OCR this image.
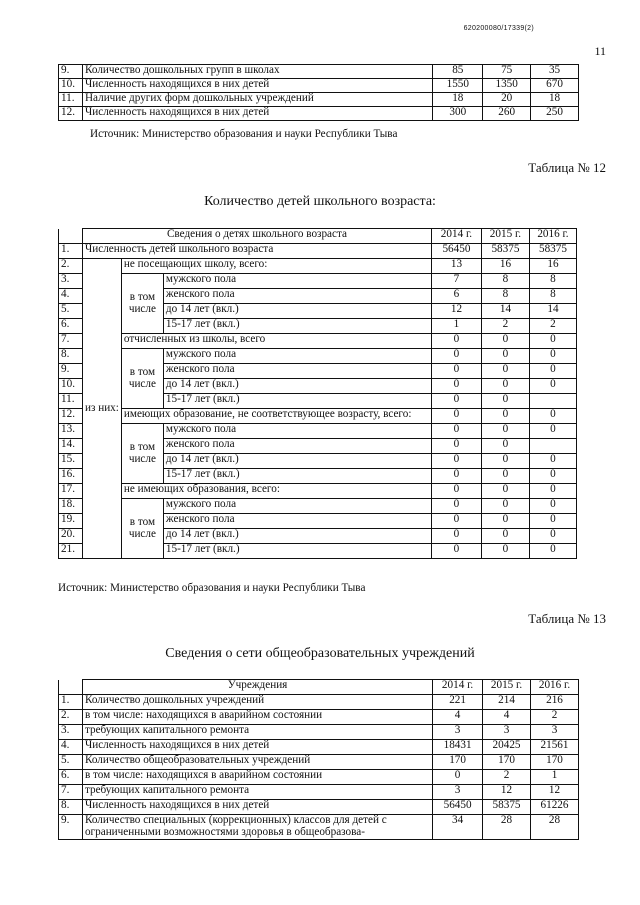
620200080/17339(2)
11
9.	Количество дошкольных групп в школах	85	75	35
10.	Численность находящихся в них детей	1550	1350	670
11.	Наличие других форм дошкольных учреждений	18	20	18
12.	Численность находящихся в них детей	300	260	250
Источник: Министерство образования и науки Республики Тыва
Таблица № 12
Количество детей школьного возраста:
	Сведения о детях школьного возраста			2014 г.	2015 г.	2016 г.
1.	Численность детей школьного возраста			56450	58375	58375
2.	из них:	не посещающих школу, всего:		13	16	16
3.		в том числе	мужского пола	7	8	8
4.			женского пола	6	8	8
5.			до 14 лет (вкл.)	12	14	14
6.			15-17 лет (вкл.)	1	2	2
7.		отчисленных из школы, всего		0	0	0
8.		в том числе	мужского пола	0	0	0
9.			женского пола	0	0	0
10.			до 14 лет (вкл.)	0	0	0
11.			15-17 лет (вкл.)	0	0	
12.		имеющих образование, не соответствующее возрасту, всего:		0	0	0
13.		в том числе	мужского пола	0	0	0
14.			женского пола	0	0	
15.			до 14 лет (вкл.)	0	0	0
16.			15-17 лет (вкл.)	0	0	0
17.		не имеющих образования, всего:		0	0	0
18.		в том числе	мужского пола	0	0	0
19.			женского пола	0	0	0
20.			до 14 лет (вкл.)	0	0	0
21.			15-17 лет (вкл.)	0	0	0
Источник: Министерство образования и науки Республики Тыва
Таблица № 13
Сведения о сети общеобразовательных учреждений
	Учреждения	2014 г.	2015 г.	2016 г.
1.	Количество дошкольных учреждений	221	214	216
2.	в том числе: находящихся в аварийном состоянии	4	4	2
3.	требующих капитального ремонта	3	3	3
4.	Численность находящихся в них детей	18431	20425	21561
5.	Количество общеобразовательных учреждений	170	170	170
6.	в том числе: находящихся в аварийном состоянии	0	2	1
7.	требующих капитального ремонта	3	12	12
8.	Численность находящихся в них детей	56450	58375	61226
9.	Количество специальных (коррекционных) классов для детей с ограниченными возможностями здоровья в общеобразова-	34	28	28
